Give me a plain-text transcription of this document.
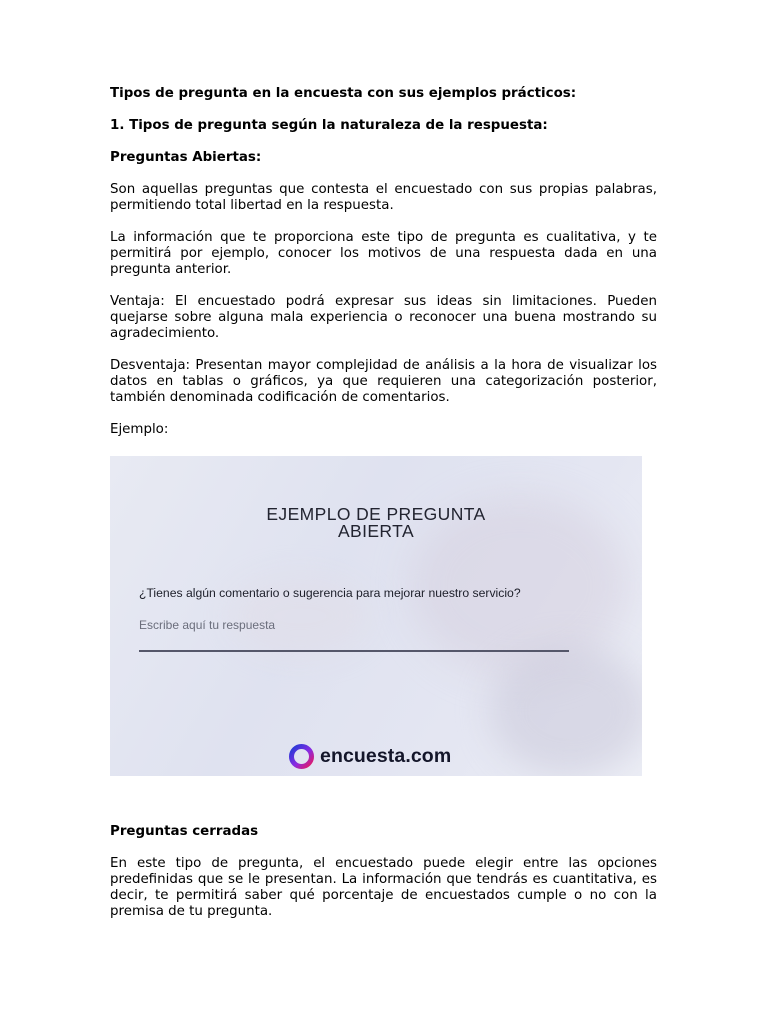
Tipos de pregunta en la encuesta con sus ejemplos prácticos:
1. Tipos de pregunta según la naturaleza de la respuesta:
Preguntas Abiertas:

Son aquellas preguntas que contesta el encuestado con sus propias palabras, permitiendo total libertad en la respuesta.

La información que te proporciona este tipo de pregunta es cualitativa, y te permitirá por ejemplo, conocer los motivos de una respuesta dada en una pregunta anterior.

Ventaja: El encuestado podrá expresar sus ideas sin limitaciones. Pueden quejarse sobre alguna mala experiencia o reconocer una buena mostrando su agradecimiento.

Desventaja: Presentan mayor complejidad de análisis a la hora de visualizar los datos en tablas o gráficos, ya que requieren una categorización posterior, también denominada codificación de comentarios.

Ejemplo:

EJEMPLO DE PREGUNTA
ABIERTA
¿Tienes algún comentario o sugerencia para mejorar nuestro servicio?
Escribe aquí tu respuesta
encuesta.com
Preguntas cerradas

En este tipo de pregunta, el encuestado puede elegir entre las opciones predefinidas que se le presentan. La información que tendrás es cuantitativa, es decir, te permitirá saber qué porcentaje de encuestados cumple o no con la premisa de tu pregunta.
